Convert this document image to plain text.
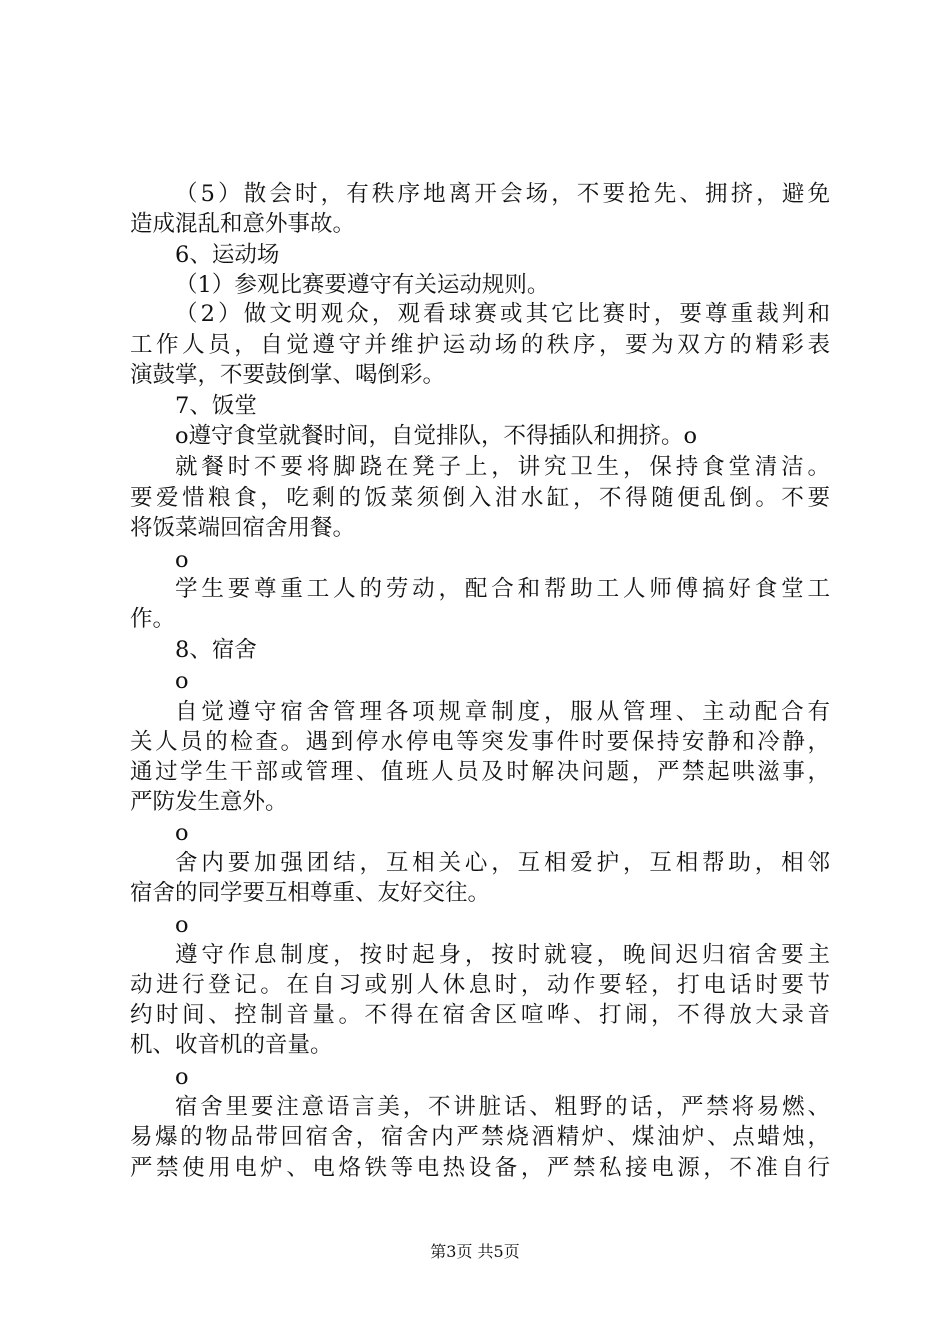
（5）散会时，有秩序地离开会场，不要抢先、拥挤，避免
造成混乱和意外事故。
6、运动场
（1）参观比赛要遵守有关运动规则。
（2）做文明观众，观看球赛或其它比赛时，要尊重裁判和
工作人员，自觉遵守并维护运动场的秩序，要为双方的精彩表
演鼓掌，不要鼓倒掌、喝倒彩。
7、饭堂
o遵守食堂就餐时间，自觉排队，不得插队和拥挤。o
就餐时不要将脚跷在凳子上，讲究卫生，保持食堂清洁。
要爱惜粮食，吃剩的饭菜须倒入泔水缸，不得随便乱倒。不要
将饭菜端回宿舍用餐。
o
学生要尊重工人的劳动，配合和帮助工人师傅搞好食堂工
作。
8、宿舍
o
自觉遵守宿舍管理各项规章制度，服从管理、主动配合有
关人员的检查。遇到停水停电等突发事件时要保持安静和冷静，
通过学生干部或管理、值班人员及时解决问题，严禁起哄滋事，
严防发生意外。
o
舍内要加强团结，互相关心，互相爱护，互相帮助，相邻
宿舍的同学要互相尊重、友好交往。
o
遵守作息制度，按时起身，按时就寝，晚间迟归宿舍要主
动进行登记。在自习或别人休息时，动作要轻，打电话时要节
约时间、控制音量。不得在宿舍区喧哗、打闹，不得放大录音
机、收音机的音量。
o
宿舍里要注意语言美，不讲脏话、粗野的话，严禁将易燃、
易爆的物品带回宿舍，宿舍内严禁烧酒精炉、煤油炉、点蜡烛，
严禁使用电炉、电烙铁等电热设备，严禁私接电源，不准自行
第3页 共5页
